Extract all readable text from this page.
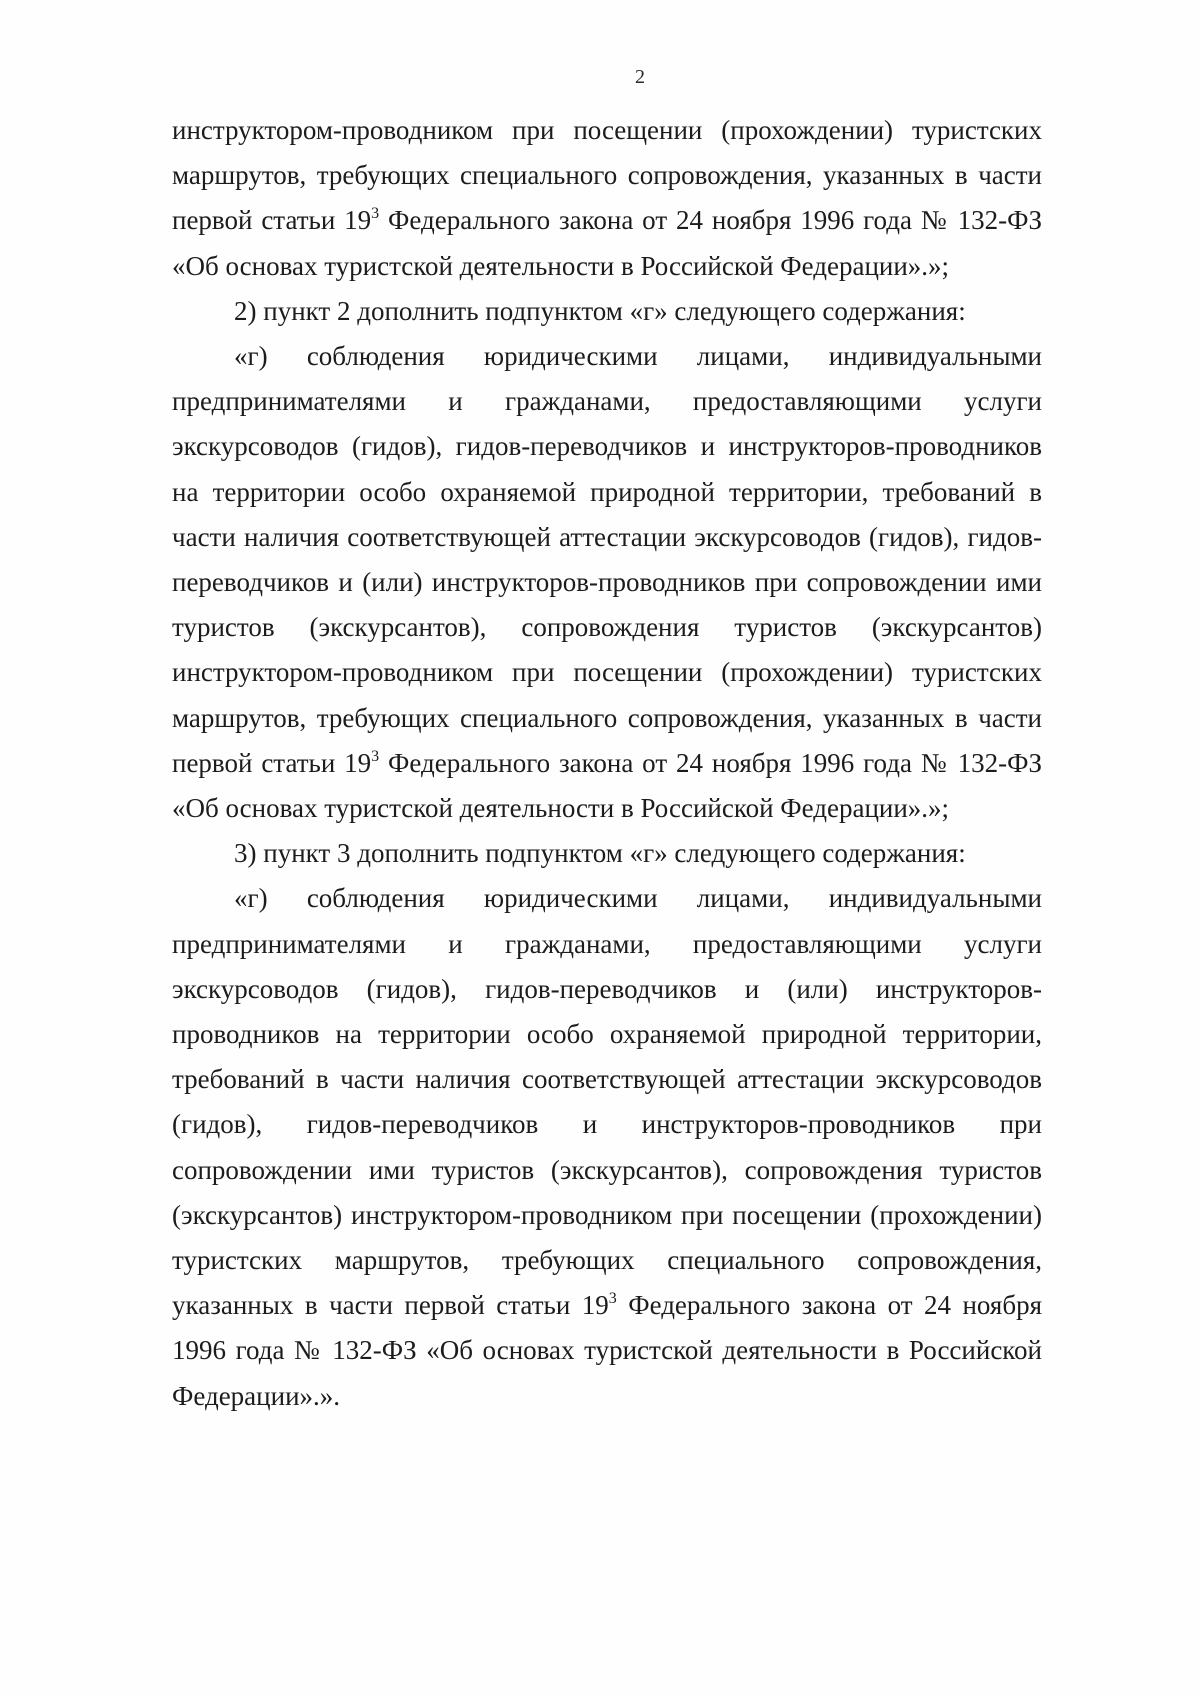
2

инструктором-проводником при посещении (прохождении) туристских маршрутов, требующих специального сопровождения, указанных в части первой статьи $19^3$ Федерального закона от 24 ноября 1996 года № 132-ФЗ «Об основах туристской деятельности в Российской Федерации».»;

2) пункт 2 дополнить подпунктом «г» следующего содержания:

«г) соблюдения юридическими лицами, индивидуальными предпринимателями и гражданами, предоставляющими услуги экскурсоводов (гидов), гидов-переводчиков и инструкторов-проводников на территории особо охраняемой природной территории, требований в части наличия соответствующей аттестации экскурсоводов (гидов), гидов-переводчиков и (или) инструкторов-проводников при сопровождении ими туристов (экскурсантов), сопровождения туристов (экскурсантов) инструктором-проводником при посещении (прохождении) туристских маршрутов, требующих специального сопровождения, указанных в части первой статьи $19^3$ Федерального закона от 24 ноября 1996 года № 132-ФЗ «Об основах туристской деятельности в Российской Федерации».»;

3) пункт 3 дополнить подпунктом «г» следующего содержания:

«г) соблюдения юридическими лицами, индивидуальными предпринимателями и гражданами, предоставляющими услуги экскурсоводов (гидов), гидов-переводчиков и (или) инструкторов-проводников на территории особо охраняемой природной территории, требований в части наличия соответствующей аттестации экскурсоводов (гидов), гидов-переводчиков и инструкторов-проводников при сопровождении ими туристов (экскурсантов), сопровождения туристов (экскурсантов) инструктором-проводником при посещении (прохождении) туристских маршрутов, требующих специального сопровождения, указанных в части первой статьи $19^3$ Федерального закона от 24 ноября 1996 года № 132-ФЗ «Об основах туристской деятельности в Российской Федерации».».
